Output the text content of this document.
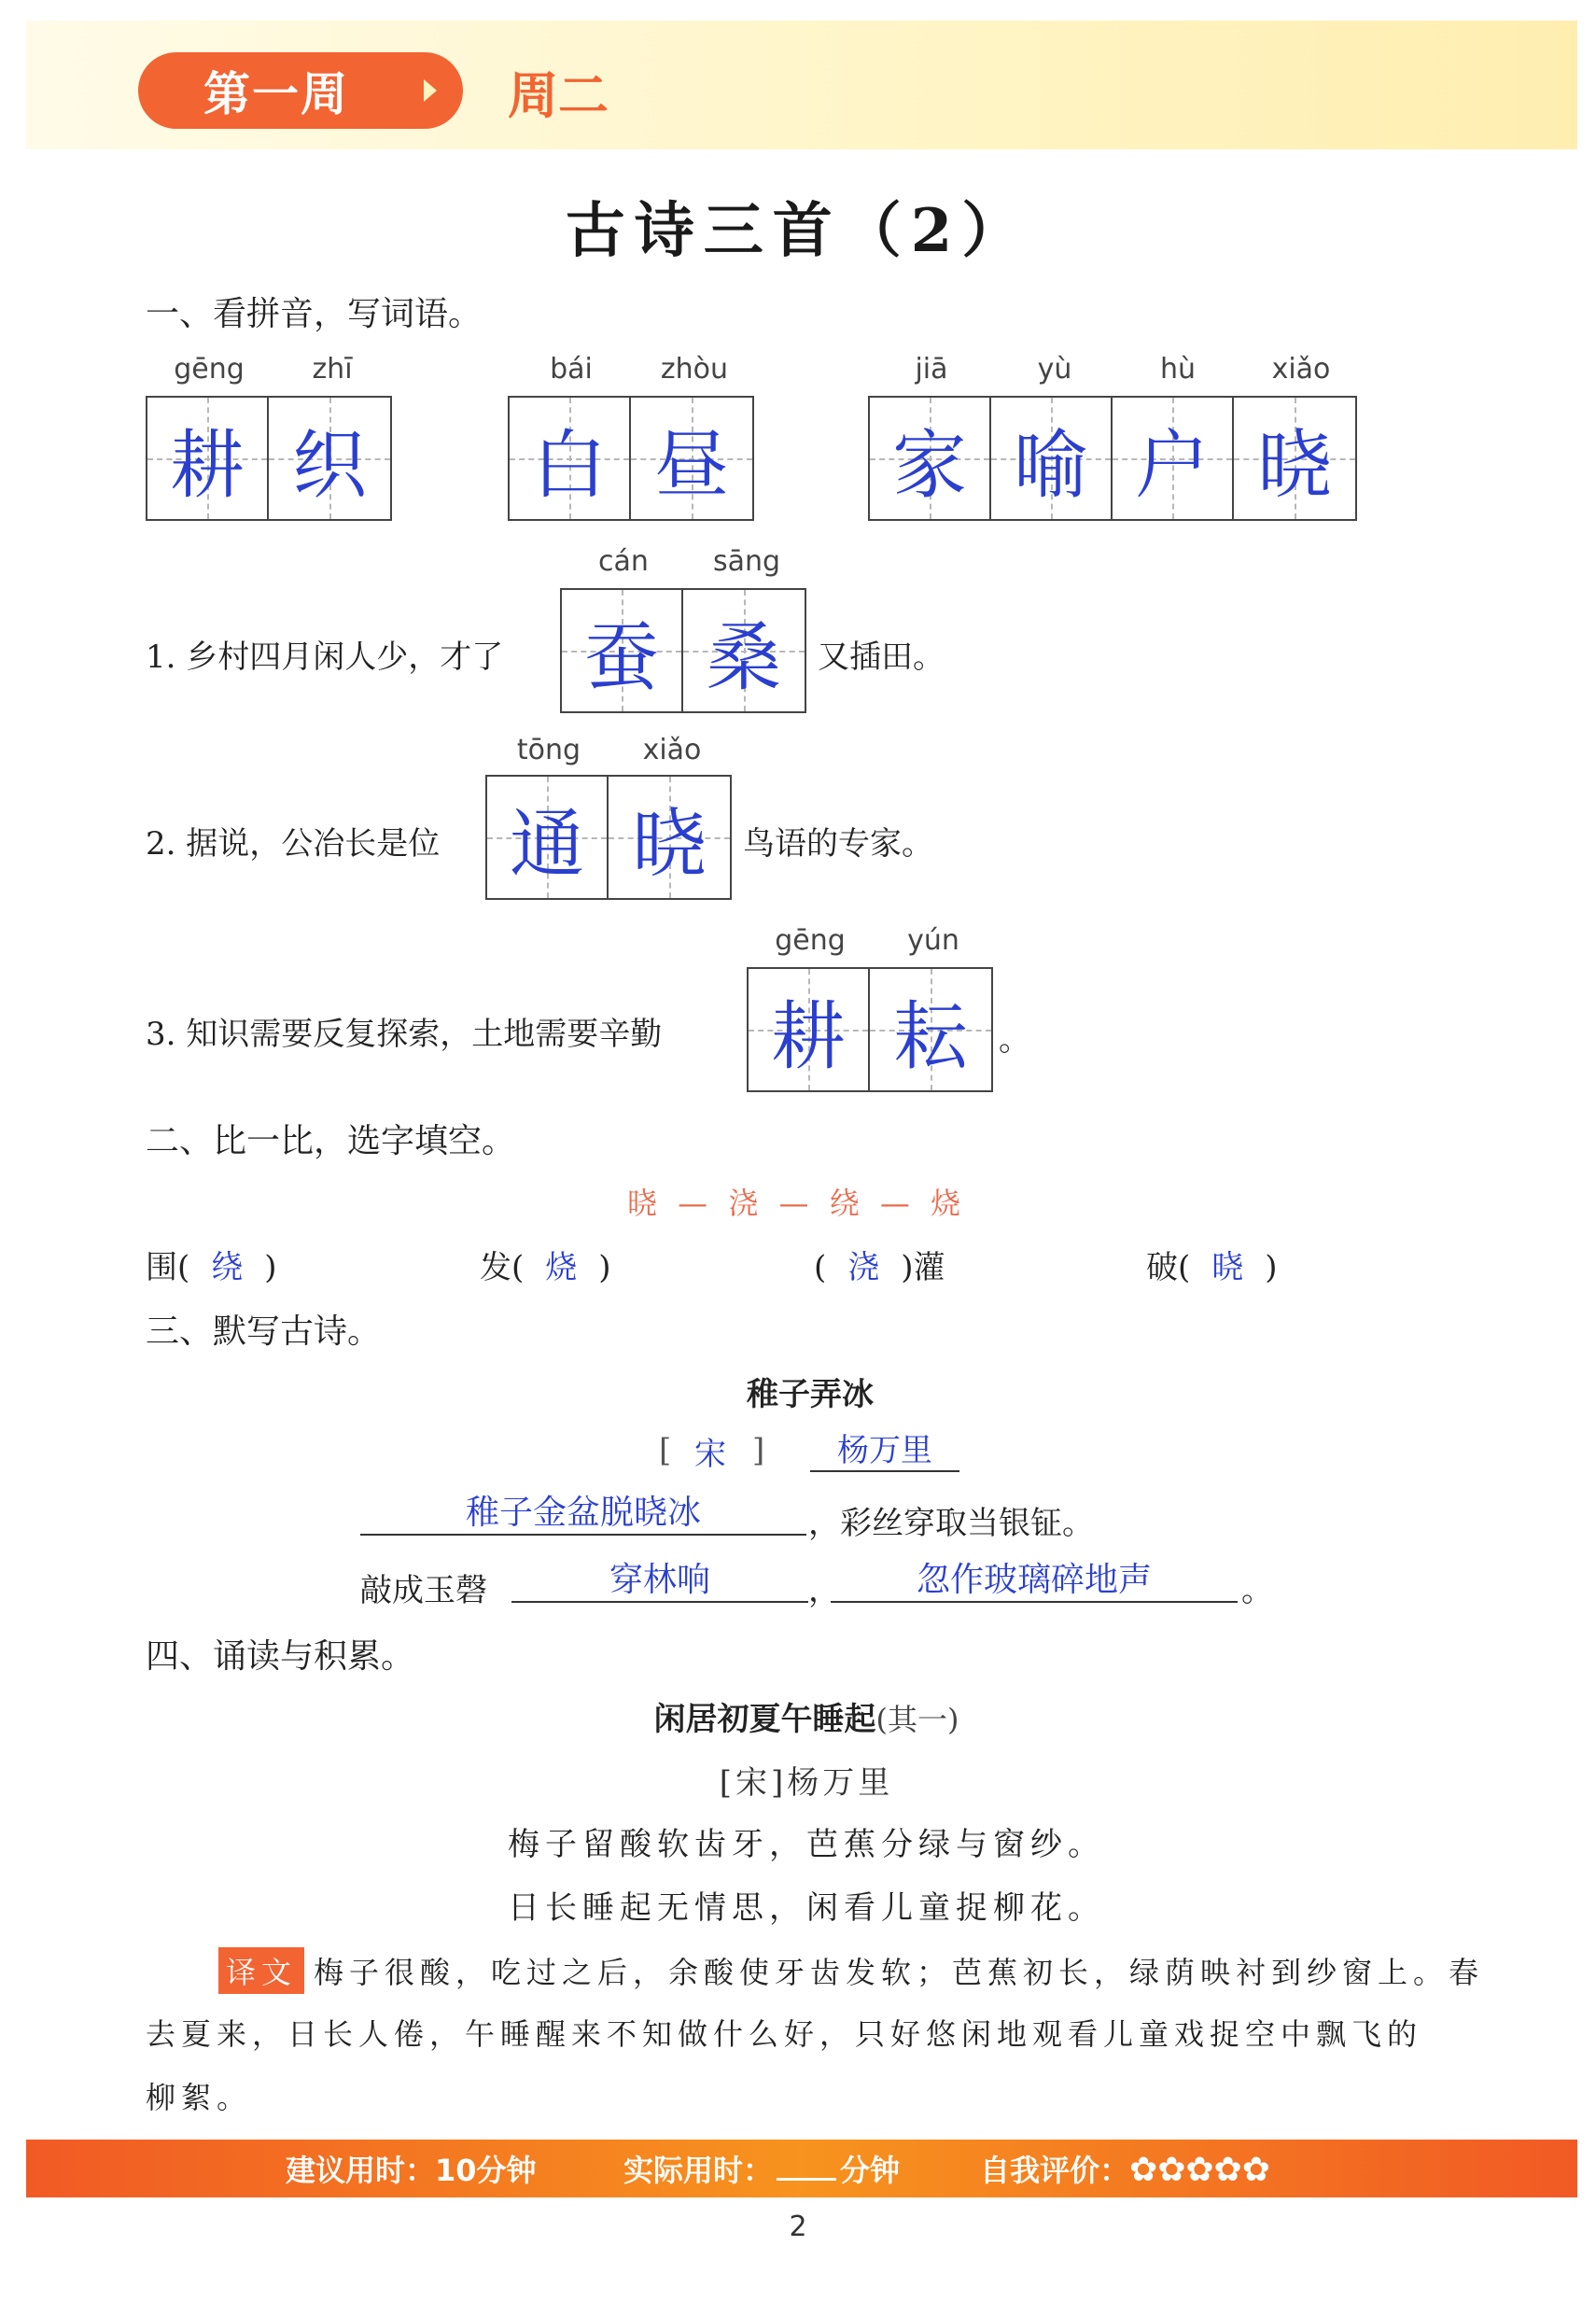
第一周	周二
古诗三首（2）
一、看拼音，写词语。
gēng	zhī
耕 织
bái	zhòu
白 昼
jiā	yù	hù	xiǎo
家 喻 户 晓
cán	sāng
1. 乡村四月闲人少，才了 蚕 桑 又插田。
tōng	xiǎo
2. 据说，公冶长是位 通 晓 鸟语的专家。
gēng	yún
3. 知识需要反复探索，土地需要辛勤 耕 耘 。
二、比一比，选字填空。
晓 — 浇 — 绕 — 烧
围( 绕 )	发( 烧 )	( 浇 )灌	破( 晓 )
三、默写古诗。
稚子弄冰
[ 宋 ]	杨万里
稚子金盆脱晓冰	，彩丝穿取当银钲。
敲成玉磬	穿林响	，	忽作玻璃碎地声	。
四、诵读与积累。
闲居初夏午睡起(其一)
[宋]杨万里
梅子留酸软齿牙，芭蕉分绿与窗纱。
日长睡起无情思，闲看儿童捉柳花。
译文 梅子很酸，吃过之后，余酸使牙齿发软；芭蕉初长，绿荫映衬到纱窗上。春
去夏来，日长人倦，午睡醒来不知做什么好，只好悠闲地观看儿童戏捉空中飘飞的
柳絮。
建议用时：10分钟	实际用时： 分钟	自我评价：✿✿✿✿✿
2
